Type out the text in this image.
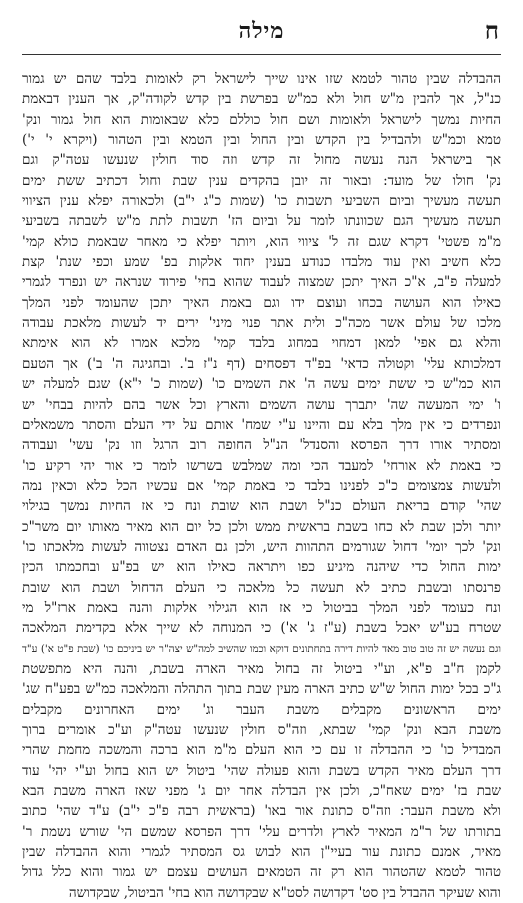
ח
מילה
ההבדלה שבין טהור לטמא שזו אינו שייך לישראל רק לאומות בלבד שהם יש גמור
כנ"ל, אך להבין מ"ש חול ולא כמ"ש בפרשת בין קדש לקודה"ק, אך הענין דבאמת
החיות נמשך לישראל ולאומות ושם חול כוללם כלא שבאומות הוא חול גמור ונק'
טמא וכמ"ש ולהבדיל בין הקדש ובין החול ובין הטמא ובין הטהור (ויקרא י' י')
אך בישראל הנה נעשה מחול זה קדש וזה סוד חולין שנעשו עטה"ק וגם
נק' חולו של מועד: ובאור זה יובן בהקדים ענין שבת וחול דכתיב ששת ימים
תעשה מעשיך וביום השביעי תשבות כו' (שמות כ"ג י"ב) ולכאורה יפלא ענין הציווי
תעשה מעשיך הגם שכוונתו לומר על וביום הז' תשבות לתת מ"ש לשבתה בשביעי
מ"מ פשטי' דקרא שגם זה ל' ציווי הוא, ויותר יפלא כי מאחר שבאמת כולא קמי'
כלא חשיב ואין עוד מלבדו כנודע בענין יחוד אלקות בפ' שמע וכפי שנת' קצת
למעלה פ"ב, א"כ האיך יתכן שמצוה לעבוד שהוא בחי' פירוד שנראה יש ונפרד לגמרי
כאילו הוא העושה בכחו ועוצם ידו וגם באמת האיך יתכן שהעומד לפני המלך
מלכו של עולם אשר מכה"כ ולית אתר פנוי מיני' ירים יד לעשות מלאכת עבודה
והלא גם אפי' למאן דמחוי במחוג בלבד קמי' מלכא אמרו לא הוא אימתא
דמלכותא עלי' וקטולה כדאי' בפ"ד דפסחים (דף נ"ז ב'. ובחגיגה ה' ב') אך הטעם
הוא כמ"ש כי ששת ימים עשה ה' את השמים כו' (שמות כ' י"א) שגם למעלה יש
ו' ימי המעשה שה' יתברך עושה השמים והארץ וכל אשר בהם להיות בבחי' יש
ונפרדים כי אין מלך בלא עם והיינו ע"י שמח' אותם על ידי העלם והסתר משמאלים
ומסתיר אורו דרך הפרסא והסנדל' הנ"ל החופה רוב הרגל וזו נק' עשי' ועבודה
כי באמת לא אורחי' למעבד הכי ומה שמלבש בשרשו לומר כי אור יהי רקיע כו'
ולעשות צמצומים כ"כ לפנינו בלבד כי באמת קמי' אם עכשיו הכל כלא וכאין נמה
שהי' קודם בריאת העולם כנ"ל ושבת הוא שובת ונח כי אז החיות נמשך בגילוי
יותר ולכן שבת לא כחו בשבת בראשית ממש ולכן כל יום הוא מאיר מאותו יום משר"כ
ונק' לכך יומי' דחול שגורמים התהוות היש, ולכן גם האדם נצטווה לעשות מלאכתו כו'
ימות החול כדי שיהנה מיגיע כפו ויתראה כאילו הוא יש בפ"ע ובחכמתו הכין
פרנסתו ובשבת כתיב לא תעשה כל מלאכה כי העלם הדחול ושבת הוא שובת
ונח כעומד לפני המלך בביטול כי אז הוא הגילוי אלקות והנה באמת ארז"ל מי
שטרח בע"ש יאכל בשבת (ע"ז ג' א') כי המנוחה לא שייך אלא בקדימת המלאכה
וגם נעשה יש זה טוב טוב מאד להיות דירה בתחתונים דוקא וכמו שהשיב למה"ש יצה"ר יש ביניכם כו' (שבת פ"ט א') ע"ד
לקמן ח"ב פ"א, וע"י ביטול זה בחול מאיר הארה בשבת, והנה היא מתפשטת
ג"כ בכל ימות החול ש"ש כתיב הארה מעין שבת בתוך התהלה והמלאכה כמ"ש בפע"ח שג'
ימים הראשונים מקבלים משבת העבר וג' ימים האחרונים מקבלים
משבת הבא ונק' קמי' שבתא, וזה"ס חולין שנעשו עטה"ק וע"כ אומרים ברוך
המבדיל כו' כי ההבדלה זו עם כי הוא העלם מ"מ הוא ברכה והמשכה מחמת שהרי
דרך העלם מאיר הקדש בשבת והוא פעולה שהי' ביטול יש הוא בחול וע"י יהי' עוד
שבת בז' ימים שאח"כ, ולכן אין הבדלה אחר יום ג' מפני שאז הארה משבת הבא
ולא משבת העבר: וזה"ס כתונת אור באו' (בראשית רבה פ"כ י"ב) ע"ד שהי' כתוב
בתורתו של ר"מ המאיר לארץ ולדרים עלי' דרך הפרסא שמשם הי' שורש נשמת ר'
מאיר, אמנם כתונת עור בעיי"ן הוא לבוש גס המסתיר לגמרי והוא ההבדלה שבין
טהור לטמא שהטהור הוא רק זה הטמאים העושים עצמם יש גמור והוא כלל גדול
והוא שעיקר ההבדל בין סט' דקדושה לסט"א שבקדושה הוא בחי' הביטול, שבקדושה
